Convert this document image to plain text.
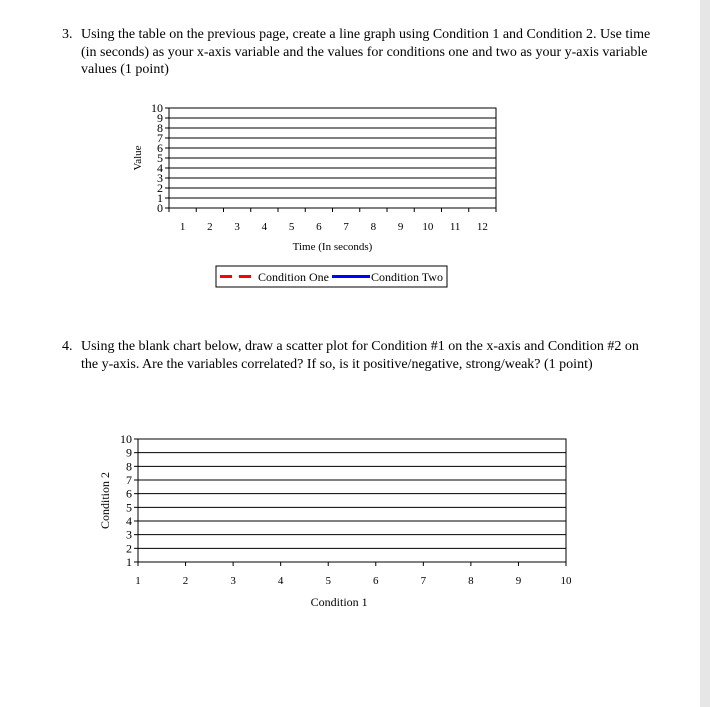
3. Using the table on the previous page, create a line graph using Condition 1 and Condition 2. Use time (in seconds) as your x-axis variable and the values for conditions one and two as your y-axis variable values (1 point)
4. Using the blank chart below, draw a scatter plot for Condition #1 on the x-axis and Condition #2 on the y-axis. Are the variables correlated? If so, is it positive/negative, strong/weak? (1 point)
0
1
2
3
4
5
6
7
8
9
10
1 2 3 4 5 6 7 8 9 10 11 12
Time (In seconds)
Value
Condition One	Condition Two
1
2
3
4
5
6
7
8
9
10
1	2	3	4	5	6	7	8	9	10
Condition 1
Condition 2
